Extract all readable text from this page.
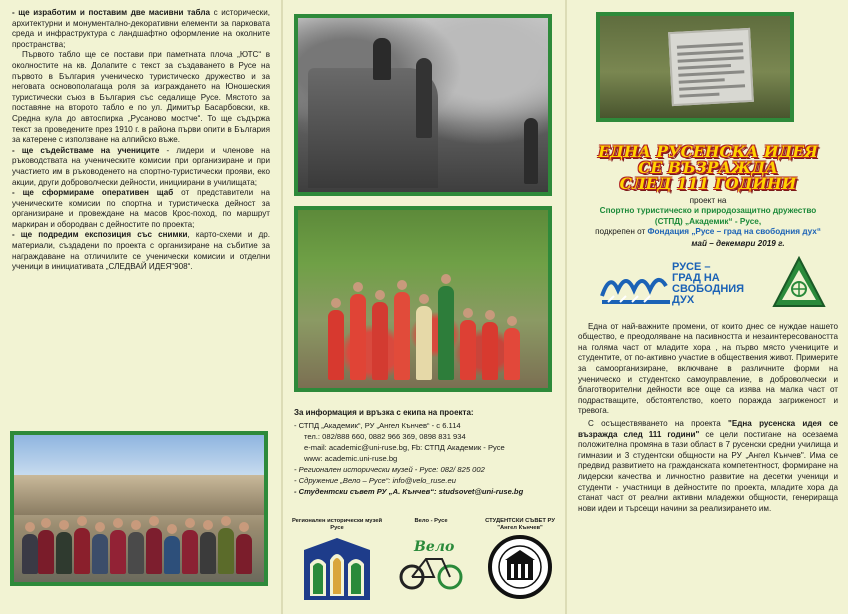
- ще изработим и поставим две масивни табла с исторически, архитектурни и монументално-декоративни елементи за парковата среда и инфраструктура с ландшафтно оформление на околните пространства;

Първото табло ще се постави при паметната плоча „ЮТС“ в околностите на кв. Долапите с текст за създаването в Русе на първото в България ученическо туристическо дружество и за неговата основополагаща роля за изграждането на Юношеския туристически съюз в България със седалище Русе. Мястото за поставяне на второто табло е по ул. Димитър Басарбовски, кв. Средна кула до автоспирка „Русаново мостче“. То ще съдържа текст за проведените през 1910 г. в района първи опити в България за катерене с използване на алпийско въже.

- ще съдействаме на учениците - лидери и членове на ръководствата на ученическите комисии при организиране и при участието им в ръководенето на спортно-туристически прояви, еко акции, други доброволчески дейности, инициирани в училищата;

- ще сформираме оперативен щаб от представители на ученическите комисии по спортна и туристическа дейност за организиране и провеждане на масов Крос-поход, по маршрут маркиран и обородван с дейностите по проекта;

- ще подредим експозиция със снимки, карто-схеми и др. материали, създадени по проекта с организиране на събитие за награждаване на отличилите се ученически комисии и отделни ученици в инициативата „СЛЕДВАЙ ИДЕЯ“908“.

За информация и връзка с екипа на проекта:

- СТПД „Академик“, РУ „Ангел Кънчев“ - с 6.114

тел.: 082/888 660, 0882 966 369, 0898 831 934

e-mail: academic@uni-ruse.bg, Fb: СТПД Академик - Русе

www: academic.uni-ruse.bg

- Регионален исторически музей - Русе: 082/ 825 002

- Сдружение „Вело – Русе“: info@velo_ruse.eu

- Студентски съвет РУ „А. Кънчев“: studsovet@uni-ruse.bg

Регионален исторически музей Русе
Вело - Русе
Вело
СТУДЕНТСКИ СЪВЕТ РУ "Ангел Кънчев"
ЕДНА РУСЕНСКА ИДЕЯ
СЕ ВЪЗРАЖДА
СЛЕД 111 ГОДИНИ
проект на
Спортно туристическо и природозащитно дружество
(СТПД) „Академик“ - Русе,
подкрепен от Фондация „Русе – град на свободния дух“
май – декември 2019 г.
РУСЕ –
ГРАД НА
СВОБОДНИЯ
ДУХ

Една от най-важните промени, от които днес се нуждае нашето общество, е преодоляване на пасивността и незаинтересоваността на голяма част от младите хора , на първо място учениците и студентите, от по-активно участие в обществения живот. Примерите за самоорганизиране, включване в различните форми на ученическо и студентско самоуправление, в доброволчески и благотворителни дейности все още са изява на малка част от подрастващите, обстоятелство, което поражда загриженост и тревога.

С осъществяването на проекта "Една русенска идея се възражда след 111 години" се цели постигане на осезаема положителна промяна в тази област в 7 русенски средни училища и гимназии и 3 студентски общности на РУ „Ангел Кънчев". Има се предвид развитието на гражданската компетентност, формиране на лидерски качества и личностно развитие на десетки ученици и студенти - участници в дейностите по проекта, младите хора да станат част от реални активни младежки общности, генерираща нови идеи и търсещи начини за реализирането им.
